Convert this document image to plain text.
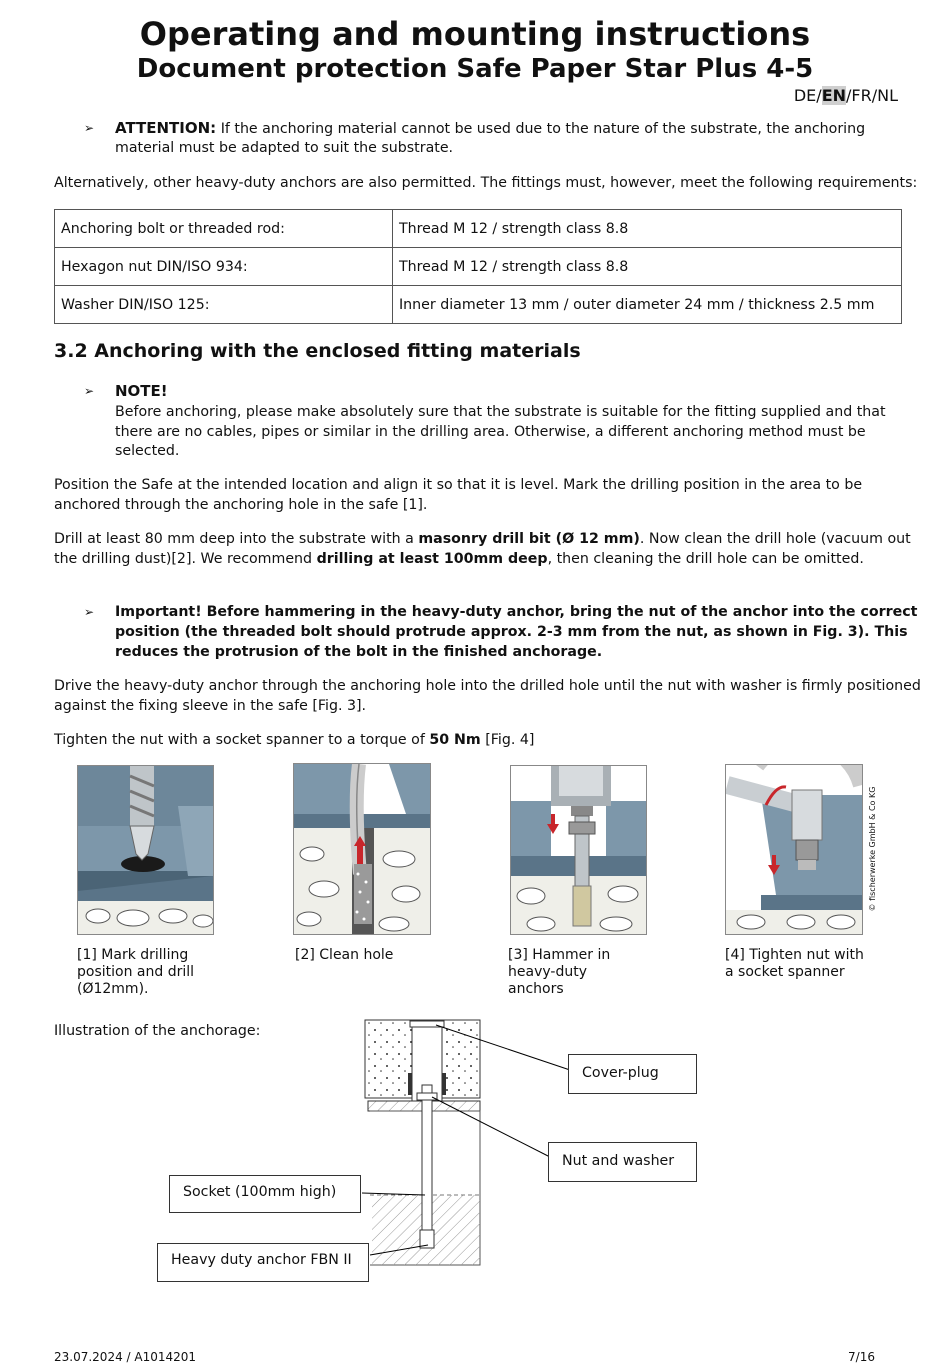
Operating and mounting instructions
Document protection Safe Paper Star Plus 4-5
DE/EN/FR/NL
➢ ATTENTION: If the anchoring material cannot be used due to the nature of the substrate, the anchoring
material must be adapted to suit the substrate.
Alternatively, other heavy-duty anchors are also permitted. The fittings must, however, meet the following requirements:
Anchoring bolt or threaded rod:	Thread M 12 / strength class 8.8
Hexagon nut DIN/ISO 934:	Thread M 12 / strength class 8.8
Washer DIN/ISO 125:	Inner diameter 13 mm / outer diameter 24 mm / thickness 2.5 mm
3.2 Anchoring with the enclosed fitting materials
➢ NOTE!
Before anchoring, please make absolutely sure that the substrate is suitable for the fitting supplied and that
there are no cables, pipes or similar in the drilling area. Otherwise, a different anchoring method must be
selected.
Position the Safe at the intended location and align it so that it is level. Mark the drilling position in the area to be
anchored through the anchoring hole in the safe [1].
Drill at least 80 mm deep into the substrate with a masonry drill bit (Ø 12 mm). Now clean the drill hole (vacuum out
the drilling dust)[2]. We recommend drilling at least 100mm deep, then cleaning the drill hole can be omitted.
➢ Important! Before hammering in the heavy-duty anchor, bring the nut of the anchor into the correct
position (the threaded bolt should protrude approx. 2-3 mm from the nut, as shown in Fig. 3). This
reduces the protrusion of the bolt in the finished anchorage.
Drive the heavy-duty anchor through the anchoring hole into the drilled hole until the nut with washer is firmly positioned
against the fixing sleeve in the safe [Fig. 3].
Tighten the nut with a socket spanner to a torque of 50 Nm [Fig. 4]
[1] Mark drilling
position and drill
(Ø12mm).
[2] Clean hole	[3] Hammer in
heavy-duty
anchors
© fischerwerke GmbH & Co KG
[4] Tighten nut with
a socket spanner
Illustration of the anchorage:
Cover-plug
Nut and washer
Socket (100mm high)
Heavy duty anchor FBN II
23.07.2024 / A1014201	7/16
